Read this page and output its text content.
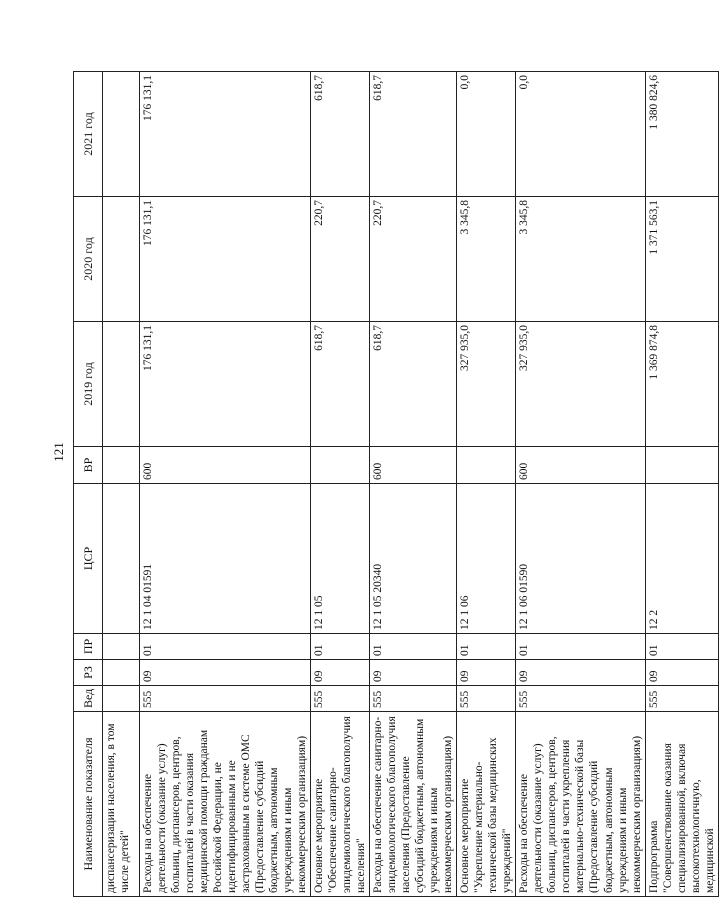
121
Наименование показателя	Вед	РЗ	ПР	ЦСР	ВР	2019 год	2020 год	2021 год
диспансеризации населения, в том числе детей"								
Расходы на обеспечение деятельности (оказание услуг) больниц, диспансеров, центров, госпиталей в части оказания медицинской помощи гражданам Российской Федерации, не идентифицированным и не застрахованным в системе ОМС (Предоставление субсидий бюджетным, автономным учреждениям и иным некоммерческим организациям)	555	09	01	12 1 04 01591	600	176 131,1	176 131,1	176 131,1
Основное мероприятие "Обеспечение санитарно-эпидемиологического благополучия населения"	555	09	01	12 1 05		618,7	220,7	618,7
Расходы на обеспечение санитарно-эпидемиологического благополучия населения (Предоставление субсидий бюджетным, автономным учреждениям и иным некоммерческим организациям)	555	09	01	12 1 05 20340	600	618,7	220,7	618,7
Основное мероприятие "Укрепление материально-технической базы медицинских учреждений"	555	09	01	12 1 06		327 935,0	3 345,8	0,0
Расходы на обеспечение деятельности (оказание услуг) больниц, диспансеров, центров, госпиталей в части укрепления материально-технической базы (Предоставление субсидий бюджетным, автономным учреждениям и иным некоммерческим организациям)	555	09	01	12 1 06 01590	600	327 935,0	3 345,8	0,0
Подпрограмма "Совершенствование оказания специализированной, включая высокотехнологичную, медицинской	555	09	01	12 2		1 369 874,8	1 371 563,1	1 380 824,6
